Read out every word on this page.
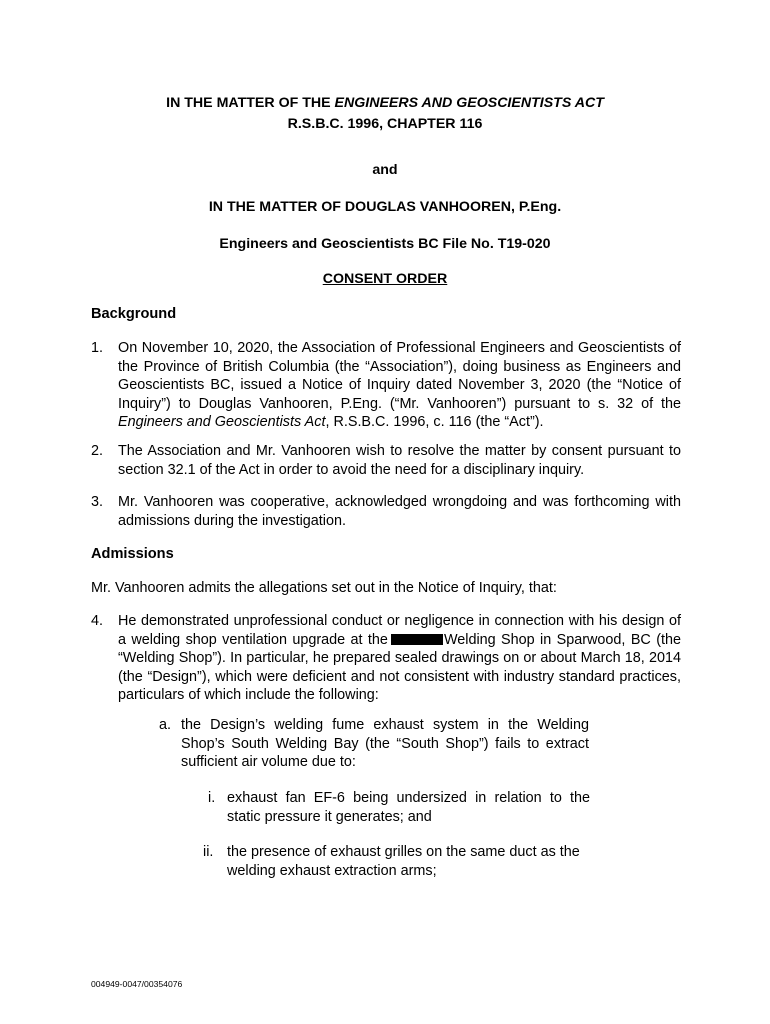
IN THE MATTER OF THE ENGINEERS AND GEOSCIENTISTS ACT
R.S.B.C. 1996, CHAPTER 116
and
IN THE MATTER OF DOUGLAS VANHOOREN, P.Eng.
Engineers and Geoscientists BC File No. T19-020
CONSENT ORDER
Background
1.	On November 10, 2020, the Association of Professional Engineers and Geoscientists of the Province of British Columbia (the “Association”), doing business as Engineers and Geoscientists BC, issued a Notice of Inquiry dated November 3, 2020 (the “Notice of Inquiry”) to Douglas Vanhooren, P.Eng. (“Mr. Vanhooren”) pursuant to s. 32 of the Engineers and Geoscientists Act, R.S.B.C. 1996, c. 116 (the “Act”).
2.	The Association and Mr. Vanhooren wish to resolve the matter by consent pursuant to section 32.1 of the Act in order to avoid the need for a disciplinary inquiry.
3.	Mr. Vanhooren was cooperative, acknowledged wrongdoing and was forthcoming with admissions during the investigation.
Admissions
Mr. Vanhooren admits the allegations set out in the Notice of Inquiry, that:
4.	He demonstrated unprofessional conduct or negligence in connection with his design of a welding shop ventilation upgrade at the	Welding Shop in Sparwood, BC (the “Welding Shop”). In particular, he prepared sealed drawings on or about March 18, 2014 (the “Design”), which were deficient and not consistent with industry standard practices, particulars of which include the following:
a. the Design’s welding fume exhaust system in the Welding Shop’s South Welding Bay (the “South Shop”) fails to extract sufficient air volume due to:
i. exhaust fan EF-6 being undersized in relation to the static pressure it generates; and
ii. the presence of exhaust grilles on the same duct as the welding exhaust extraction arms;
004949-0047/00354076
